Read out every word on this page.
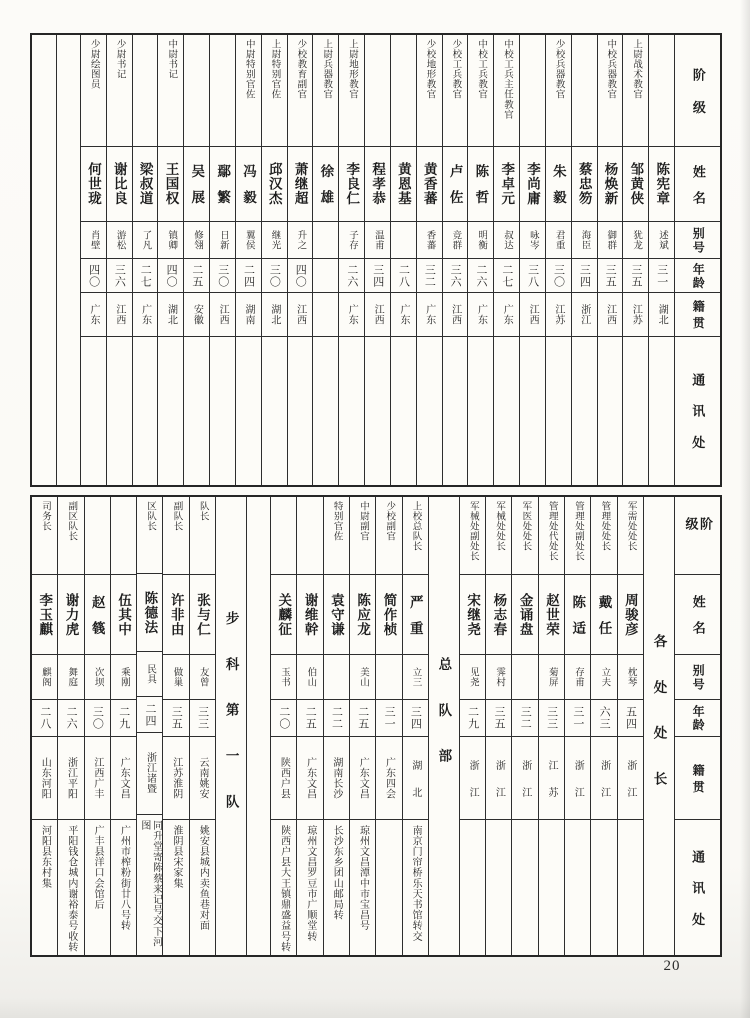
少尉绘图员
何世珑
肖壁
四〇
广东
少尉书记
谢比良
游松
三六
江西
梁叔道
了凡
二七
广东
中尉书记
王国权
镇卿
四〇
湖北
吴展
修翎
二五
安徽
鄢繁
日新
三〇
江西
中尉特别官佐
冯毅
翼侯
二四
湖南
上尉特别官佐
邱汉杰
继光
三〇
湖北
少校教育副官
萧继超
升之
四〇
江西
上尉兵器教官
徐雄
上尉地形教官
李良仁
子存
二六
广东
程孝恭
温甫
三四
江西
黄恩基
二八
广东
少校地形教官
黄香蕃
香蕃
三二
广东
少校工兵教官
卢佐
竞群
三六
江西
中校工兵教官
陈哲
明衡
二六
广东
中校工兵主任教官
李卓元
叔达
二七
广东
李尚庸
咏岑
三八
江西
少校兵器教官
朱毅
君重
三〇
江苏
蔡忠笏
海臣
三四
浙江
中校兵器教官
杨焕新
御群
三五
江西
上尉战术教官
邹黄侠
犹龙
三五
江苏
陈宪章
述斌
三一
湖北
阶级
姓名
别号
年龄
籍贯
通讯处
司务长
李玉麒
麒阁
二八
山东河阳
河阳县东村集
副区队长
谢力虎
舞庭
二六
浙江平阳
平阳钱仓城内谢裕泰号收转
赵篯
次坝
三〇
江西广丰
广丰县洋口会馆后
伍其中
乘刚
二九
广东文昌
广州市榨粉街廿八号转
区队长
陈德法
民具
二四
浙江诸暨
同升堂寄陈蔡来记号交下河图
副队长
许非由
做巢
三五
江苏淮阴
淮阴县宋家集
队长
张与仁
友曾
三三
云南姚安
姚安县城内卖鱼巷对面
步科第一队	关麟征
玉书
二〇
陕西户县
陕西户县大王镇鼎盛益号转
谢维幹
伯山
二五
广东文昌
琼州文昌罗豆市广顺堂转
特别官佐
袁守谦
二二
湖南长沙
长沙东乡团山邮局转
中尉副官
陈应龙
美山
二五
广东文昌
琼州文昌潭中市宝昌号
少校副官
简作桢
三一
广东四会
上校总队长
严重
立三
三四
湖北
南京门帘桥乐天书馆转交
总队部
军械处副处长
宋继尧
见尧
二九
浙江
军械处处长
杨志春
霁村
三五
浙江
军医处处长
金诵盘
三二
浙江
管理处代处长
赵世荣
菊屏
三三
江苏
管理处副处长
陈适
存甫
三一
浙江
管理处处长
戴任
立夫
六三
浙江
军需处处长
周骏彦
枕琴
五四
浙江	各处处长
阶级
姓名
别号
年龄
籍贯
通讯处
20
